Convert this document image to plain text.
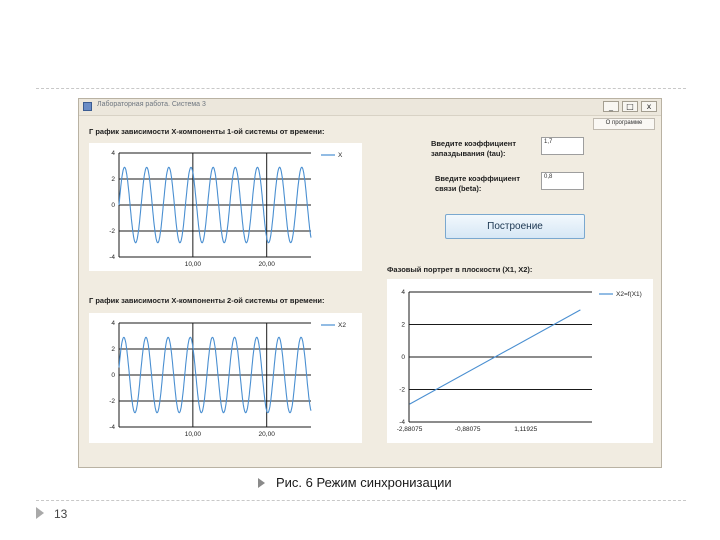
Лабораторная работа. Система 3	_	□	x
О программе
Г рафик зависимости X-компоненты 1-ой системы от времени:
4
2
0
-2
-4
10,00	20,00
X
Г рафик зависимости X-компоненты 2-ой системы от времени:
4
2
0
-2
-4
10,00	20,00
X2
Введите коэффициент
запаздывания (tau):
1,7
Введите коэффициент
связи (beta):
0,8
Построение
Фазовый портрет в плоскости (X1, X2):
4
2
0
-2
-4
-2,88075	-0,88075	1,11925
X2=f(X1)
Рис. 6 Режим синхронизации
13
